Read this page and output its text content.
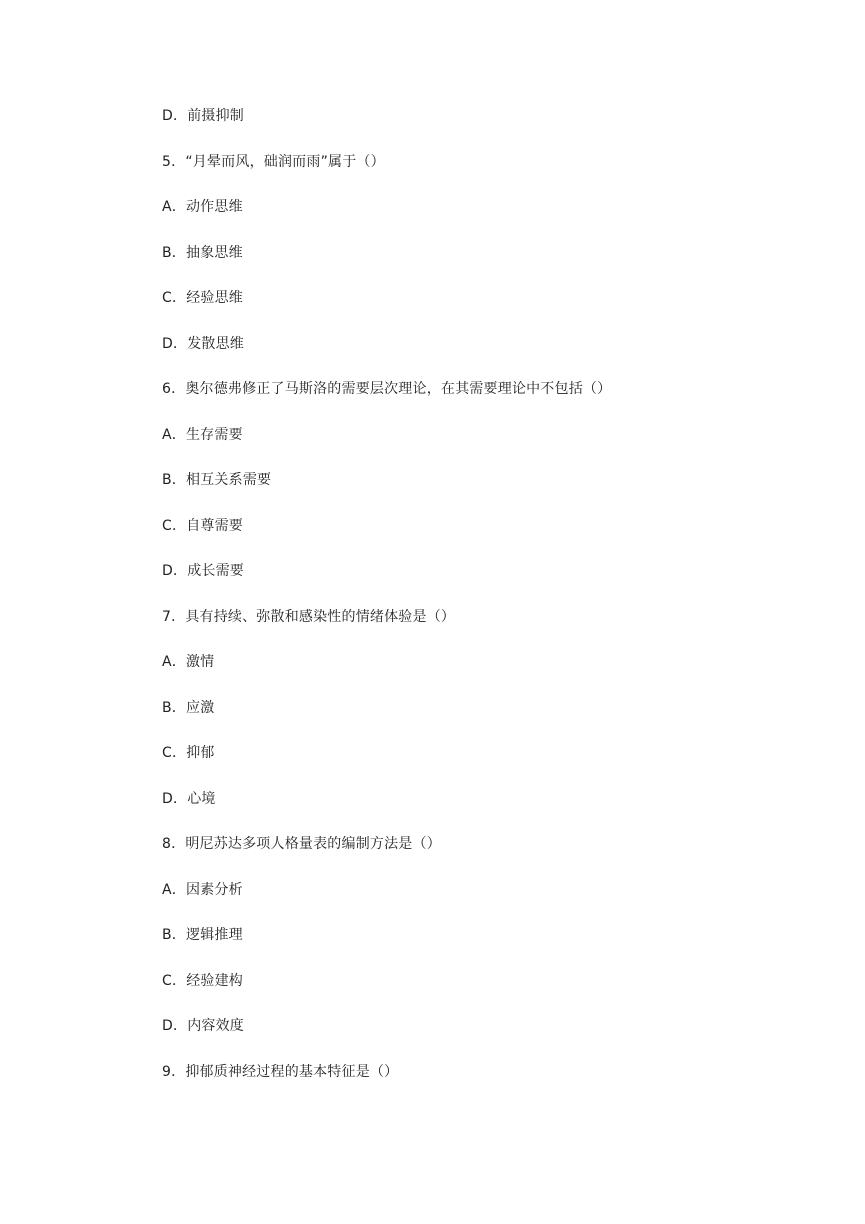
D．前摄抑制
5．“月晕而风，础润而雨”属于（）
A．动作思维
B．抽象思维
C．经验思维
D．发散思维
6．奥尔德弗修正了马斯洛的需要层次理论，在其需要理论中不包括（）
A．生存需要
B．相互关系需要
C．自尊需要
D．成长需要
7．具有持续、弥散和感染性的情绪体验是（）
A．激情
B．应激
C．抑郁
D．心境
8．明尼苏达多项人格量表的编制方法是（）
A．因素分析
B．逻辑推理
C．经验建构
D．内容效度
9．抑郁质神经过程的基本特征是（）
